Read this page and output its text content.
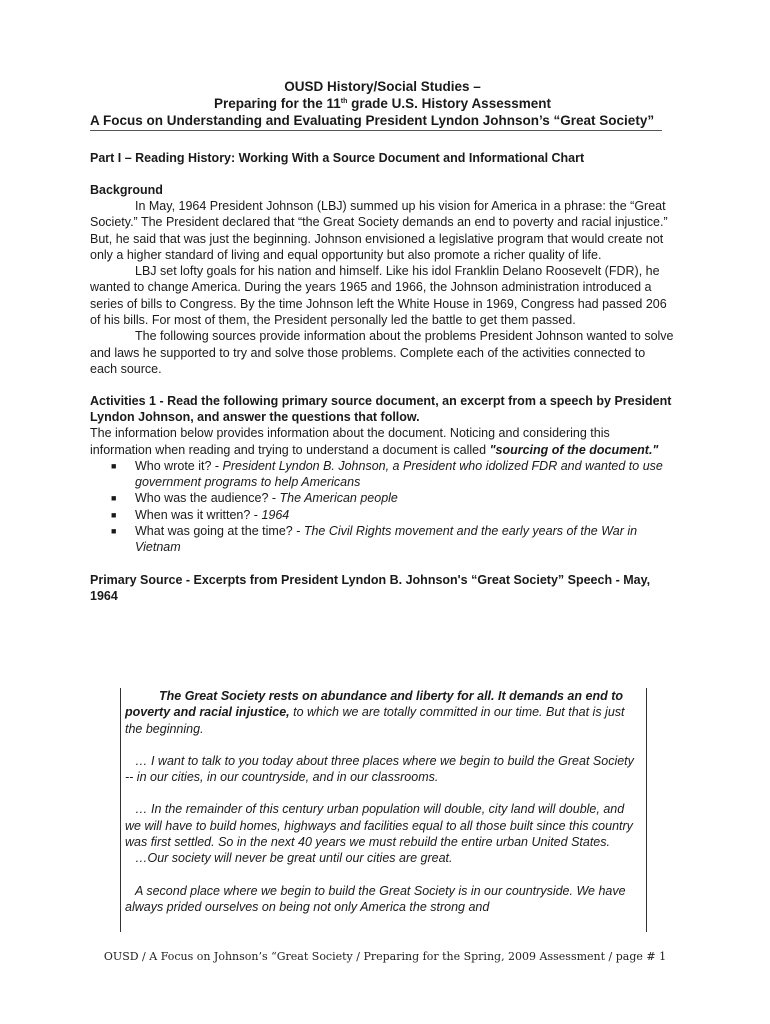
OUSD History/Social Studies –
Preparing for the 11th grade U.S. History Assessment
A Focus on Understanding and Evaluating President Lyndon Johnson’s “Great Society”
Part I – Reading History: Working With a Source Document and Informational Chart
Background

In May, 1964 President Johnson (LBJ) summed up his vision for America in a phrase: the “Great Society.” The President declared that “the Great Society demands an end to poverty and racial injustice.” But, he said that was just the beginning. Johnson envisioned a legislative program that would create not only a higher standard of living and equal opportunity but also promote a richer quality of life.

LBJ set lofty goals for his nation and himself. Like his idol Franklin Delano Roosevelt (FDR), he wanted to change America. During the years 1965 and 1966, the Johnson administration introduced a series of bills to Congress. By the time Johnson left the White House in 1969, Congress had passed 206 of his bills. For most of them, the President personally led the battle to get them passed.

The following sources provide information about the problems President Johnson wanted to solve and laws he supported to try and solve those problems. Complete each of the activities connected to each source.

Activities 1 - Read the following primary source document, an excerpt from a speech by President Lyndon Johnson, and answer the questions that follow.

The information below provides information about the document. Noticing and considering this information when reading and trying to understand a document is called "sourcing of the document."

■ Who wrote it? - President Lyndon B. Johnson, a President who idolized FDR and wanted to use government programs to help Americans
■ Who was the audience? - The American people
■ When was it written? - 1964
■ What was going at the time? - The Civil Rights movement and the early years of the War in Vietnam
Primary Source - Excerpts from President Lyndon B. Johnson's “Great Society” Speech - May, 1964

The Great Society rests on abundance and liberty for all. It demands an end to poverty and racial injustice, to which we are totally committed in our time. But that is just the beginning.

… I want to talk to you today about three places where we begin to build the Great Society -- in our cities, in our countryside, and in our classrooms.

… In the remainder of this century urban population will double, city land will double, and we will have to build homes, highways and facilities equal to all those built since this country was first settled. So in the next 40 years we must rebuild the entire urban United States.

…Our society will never be great until our cities are great.

A second place where we begin to build the Great Society is in our countryside. We have always prided ourselves on being not only America the strong and

OUSD / A Focus on Johnson’s “Great Society / Preparing for the Spring, 2009 Assessment / page # 1
